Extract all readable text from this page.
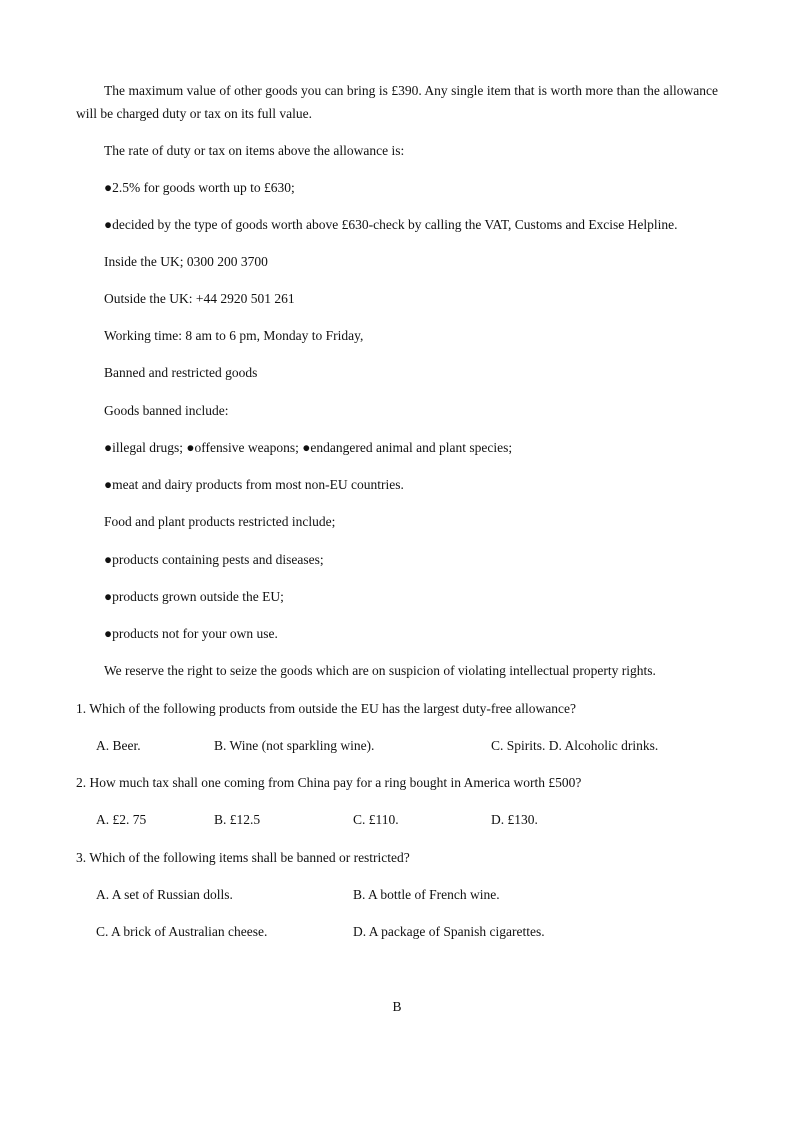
The maximum value of other goods you can bring is £390. Any single item that is worth more than the allowance will be charged duty or tax on its full value.
The rate of duty or tax on items above the allowance is:
●2.5% for goods worth up to £630;
●decided by the type of goods worth above £630-check by calling the VAT, Customs and Excise Helpline.
Inside the UK; 0300 200 3700
Outside the UK: +44 2920 501 261
Working time: 8 am to 6 pm, Monday to Friday,
Banned and restricted goods
Goods banned include:
●illegal drugs; ●offensive weapons; ●endangered animal and plant species;
●meat and dairy products from most non-EU countries.
Food and plant products restricted include;
●products containing pests and diseases;
●products grown outside the EU;
●products not for your own use.
We reserve the right to seize the goods which are on suspicion of violating intellectual property rights.
1. Which of the following products from outside the EU has the largest duty-free allowance?
A. Beer.	B. Wine (not sparkling wine).	C. Spirits. D. Alcoholic drinks.
2. How much tax shall one coming from China pay for a ring bought in America worth £500?
A. £2. 75	B. £12.5	C. £110.	D. £130.
3. Which of the following items shall be banned or restricted?
A. A set of Russian dolls.	B. A bottle of French wine.
C. A brick of Australian cheese.	D. A package of Spanish cigarettes.
B
